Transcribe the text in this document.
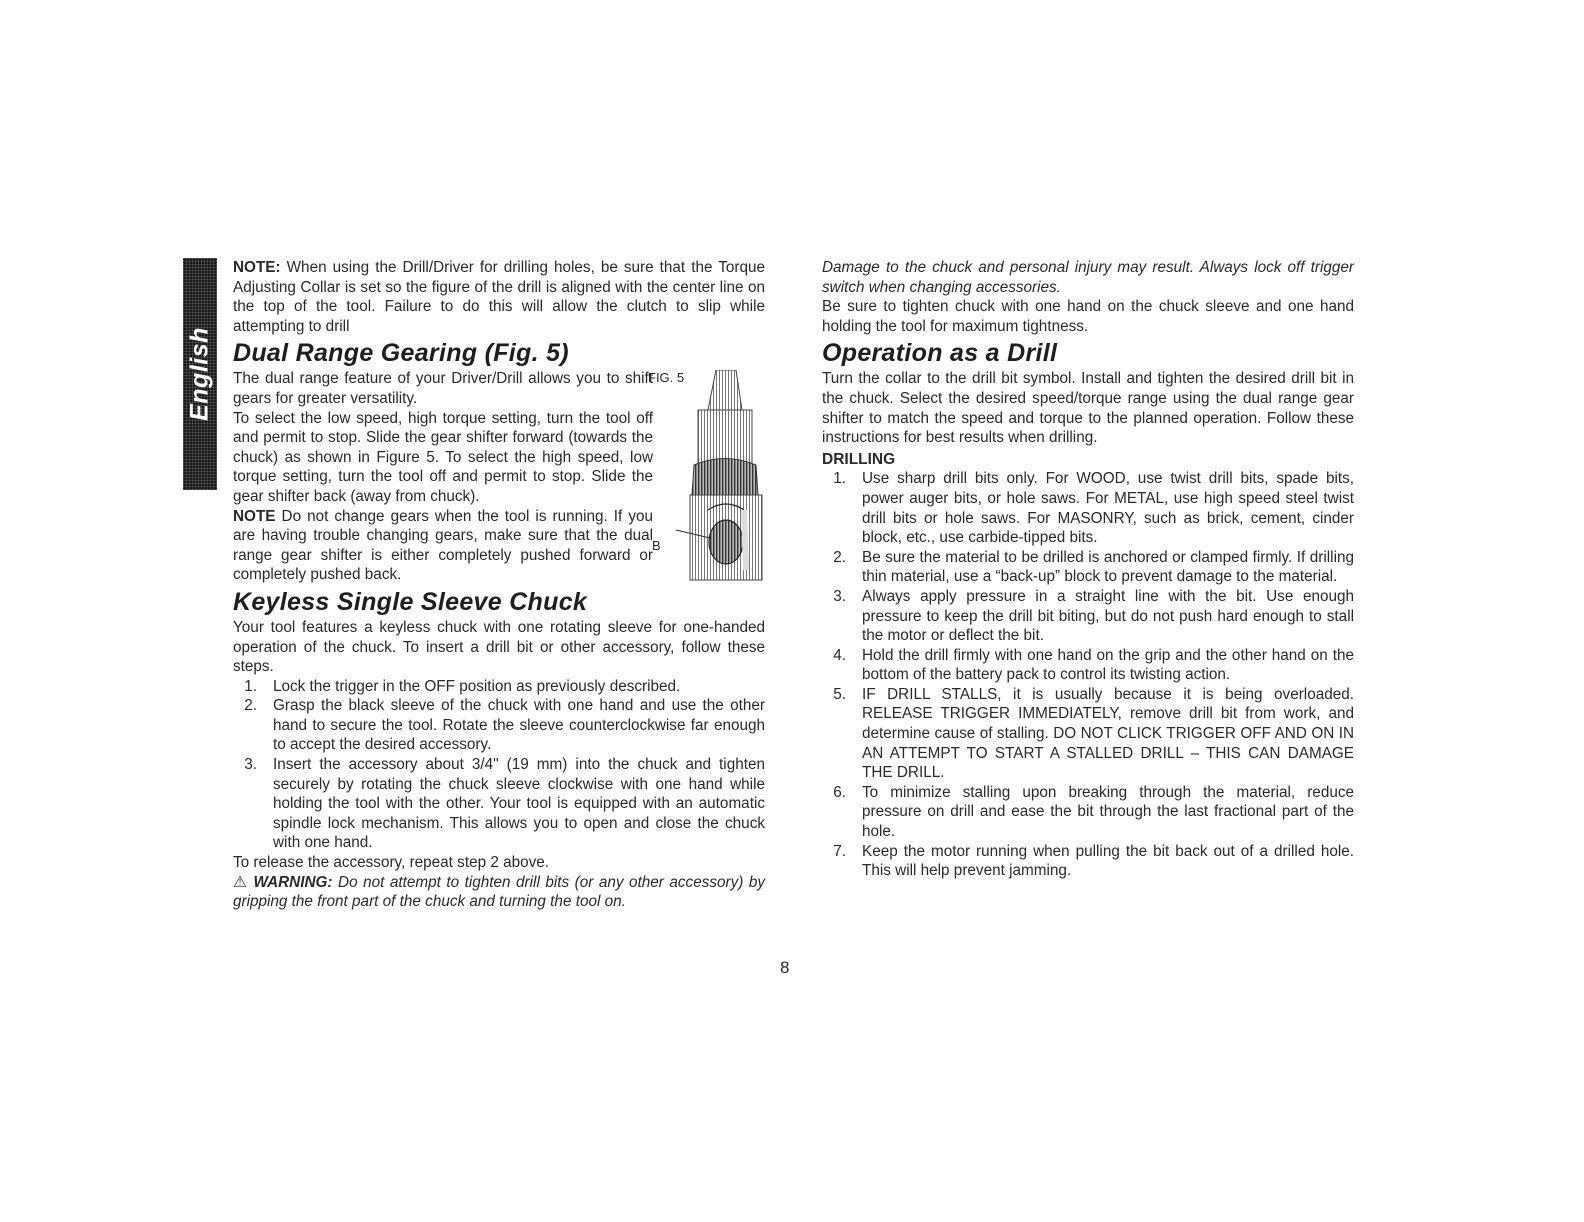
English

NOTE: When using the Drill/Driver for drilling holes, be sure that the Torque Adjusting Collar is set so the figure of the drill is aligned with the center line on the top of the tool. Failure to do this will allow the clutch to slip while attempting to drill

Dual Range Gearing (Fig. 5)

The dual range feature of your Driver/Drill allows you to shift gears for greater versatility.

To select the low speed, high torque setting, turn the tool off and permit to stop. Slide the gear shifter forward (towards the chuck) as shown in Figure 5. To select the high speed, low torque setting, turn the tool off and permit to stop. Slide the gear shifter back (away from chuck).

NOTE Do not change gears when the tool is running. If you are having trouble changing gears, make sure that the dual range gear shifter is either completely pushed forward or completely pushed back.

Keyless Single Sleeve Chuck

Your tool features a keyless chuck with one rotating sleeve for one-handed operation of the chuck. To insert a drill bit or other accessory, follow these steps.

1. Lock the trigger in the OFF position as previously described.
2. Grasp the black sleeve of the chuck with one hand and use the other hand to secure the tool. Rotate the sleeve counterclockwise far enough to accept the desired accessory.
3. Insert the accessory about 3/4" (19 mm) into the chuck and tighten securely by rotating the chuck sleeve clockwise with one hand while holding the tool with the other. Your tool is equipped with an automatic spindle lock mechanism. This allows you to open and close the chuck with one hand.

To release the accessory, repeat step 2 above.

⚠ WARNING: Do not attempt to tighten drill bits (or any other accessory) by gripping the front part of the chuck and turning the tool on.

FIG. 5
B

Damage to the chuck and personal injury may result. Always lock off trigger switch when changing accessories.

Be sure to tighten chuck with one hand on the chuck sleeve and one hand holding the tool for maximum tightness.

Operation as a Drill

Turn the collar to the drill bit symbol. Install and tighten the desired drill bit in the chuck. Select the desired speed/torque range using the dual range gear shifter to match the speed and torque to the planned operation. Follow these instructions for best results when drilling.

DRILLING
1. Use sharp drill bits only. For WOOD, use twist drill bits, spade bits, power auger bits, or hole saws. For METAL, use high speed steel twist drill bits or hole saws. For MASONRY, such as brick, cement, cinder block, etc., use carbide-tipped bits.
2. Be sure the material to be drilled is anchored or clamped firmly. If drilling thin material, use a “back-up” block to prevent damage to the material.
3. Always apply pressure in a straight line with the bit. Use enough pressure to keep the drill bit biting, but do not push hard enough to stall the motor or deflect the bit.
4. Hold the drill firmly with one hand on the grip and the other hand on the bottom of the battery pack to control its twisting action.
5. IF DRILL STALLS, it is usually because it is being overloaded. RELEASE TRIGGER IMMEDIATELY, remove drill bit from work, and determine cause of stalling. DO NOT CLICK TRIGGER OFF AND ON IN AN ATTEMPT TO START A STALLED DRILL – THIS CAN DAMAGE THE DRILL.
6. To minimize stalling upon breaking through the material, reduce pressure on drill and ease the bit through the last fractional part of the hole.
7. Keep the motor running when pulling the bit back out of a drilled hole. This will help prevent jamming.
8
